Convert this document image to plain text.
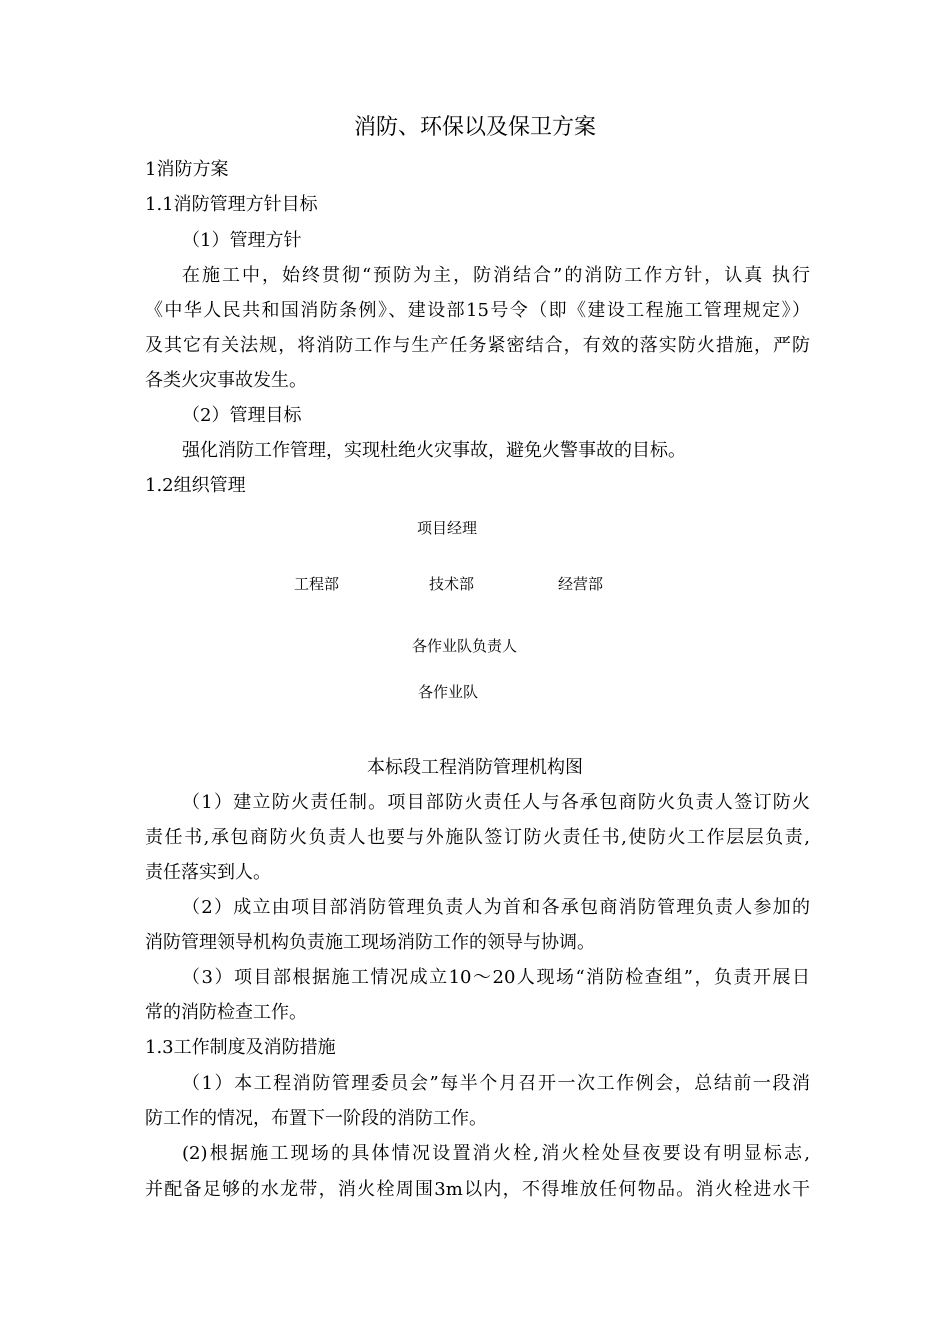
消防、环保以及保卫方案
1消防方案
1.1消防管理方针目标
（1）管理方针
在施工中，始终贯彻“预防为主，防消结合”的消防工作方针，认真 执行
《中华人民共和国消防条例》、建设部15号令（即《建设工程施工管理规定》）
及其它有关法规，将消防工作与生产任务紧密结合，有效的落实防火措施，严防
各类火灾事故发生。
（2）管理目标
强化消防工作管理，实现杜绝火灾事故，避免火警事故的目标。
1.2组织管理
项目经理
工程部	技术部	经营部
各作业队负责人
各作业队
本标段工程消防管理机构图
（1）建立防火责任制。项目部防火责任人与各承包商防火负责人签订防火
责任书,承包商防火负责人也要与外施队签订防火责任书,使防火工作层层负责,
责任落实到人。
（2）成立由项目部消防管理负责人为首和各承包商消防管理负责人参加的
消防管理领导机构负责施工现场消防工作的领导与协调。
（3）项目部根据施工情况成立10～20人现场“消防检查组”，负责开展日
常的消防检查工作。
1.3工作制度及消防措施
（1）本工程消防管理委员会”每半个月召开一次工作例会，总结前一段消
防工作的情况，布置下一阶段的消防工作。
(2)根据施工现场的具体情况设置消火栓,消火栓处昼夜要设有明显标志,
并配备足够的水龙带，消火栓周围3m以内，不得堆放任何物品。消火栓进水干
